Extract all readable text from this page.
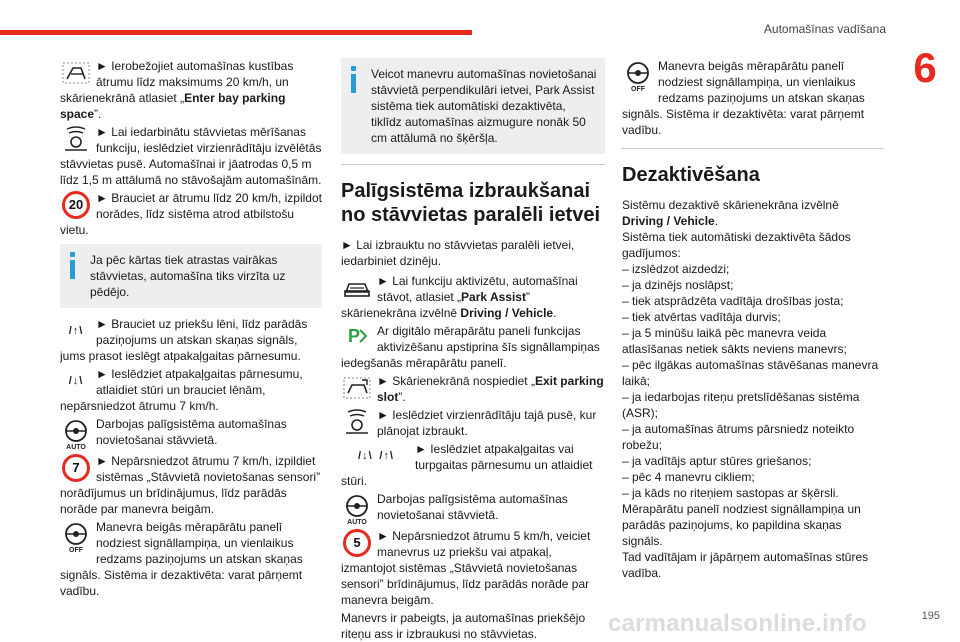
Automašīnas vadīšana
6

► Ierobežojiet automašīnas kustības ātrumu līdz maksimums 20 km/h, un skārienekrānā atlasiet „Enter bay parking space”.

► Lai iedarbinātu stāvvietas mērīšanas funkciju, ieslēdziet virzienrādītāju izvēlētās stāvvietas pusē. Automašīnai ir jāatrodas 0,5 m līdz 1,5 m attālumā no stāvošajām automašīnām.

20	► Brauciet ar ātrumu līdz 20 km/h, izpildot norādes, līdz sistēma atrod atbilstošu vietu.

Ja pēc kārtas tiek atrastas vairākas stāvvietas, automašīna tiks virzīta uz pēdējo.

/↑\	► Brauciet uz priekšu lēni, līdz parādās paziņojums un atskan skaņas signāls, jums prasot ieslēgt atpakaļgaitas pārnesumu.

/↓\	► Ieslēdziet atpakaļgaitas pārnesumu, atlaidiet stūri un brauciet lēnām, nepārsniedzot ātrumu 7 km/h.

AUTO

Darbojas palīgsistēma automašīnas novietošanai stāvvietā.

7	► Nepārsniedzot ātrumu 7 km/h, izpildiet sistēmas „Stāvvietā novietošanas sensori” norādījumus un brīdinājumus, līdz parādās norāde par manevra beigām.

OFF

Manevra beigās mērapārātu panelī nodziest signāllampiņa, un vienlaikus redzams paziņojums un atskan skaņas signāls. Sistēma ir dezaktivēta: varat pārņemt vadību.

Veicot manevru automašīnas novietošanai stāvvietā perpendikulāri ietvei, Park Assist sistēma tiek automātiski dezaktivēta, tiklīdz automašīnas aizmugure nonāk 50 cm attālumā no šķēršļa.

Palīgsistēma izbraukšanai no stāvvietas paralēli ietvei

► Lai izbrauktu no stāvvietas paralēli ietvei, iedarbiniet dzinēju.

► Lai funkciju aktivizētu, automašīnai stāvot, atlasiet „Park Assist” skārienekrāna izvēlnē Driving / Vehicle.

P	Ar digitālo mērapārātu paneli funkcijas aktivizēšanu apstiprina šīs signāllampiņas iedegšanās mērapārātu panelī.

► Skārienekrānā nospiediet „Exit parking slot”.

► Ieslēdziet virzienrādītāju tajā pusē, kur plānojat izbraukt.

/↓\
/↑\	► Ieslēdziet atpakaļgaitas vai turpgaitas pārnesumu un atlaidiet stūri.

AUTO

Darbojas palīgsistēma automašīnas novietošanai stāvvietā.

5	► Nepārsniedzot ātrumu 5 km/h, veiciet manevrus uz priekšu vai atpakaļ, izmantojot sistēmas „Stāvvietā novietošanas sensori” brīdinājumus, līdz parādās norāde par manevra beigām.

Manevrs ir pabeigts, ja automašīnas priekšējo riteņu ass ir izbraukusi no stāvvietas.

OFF

Manevra beigās mērapārātu panelī nodziest signāllampiņa, un vienlaikus redzams paziņojums un atskan skaņas signāls. Sistēma ir dezaktivēta: varat pārņemt vadību.

Dezaktivēšana

Sistēmu dezaktivē skārienekrāna izvēlnē
Driving / Vehicle.

Sistēma tiek automātiski dezaktivēta šādos gadījumos:

– izslēdzot aizdedzi;

– ja dzinējs noslāpst;

– tiek atsprādzēta vadītāja drošības josta;

– tiek atvērtas vadītāja durvis;

– ja 5 minūšu laikā pēc manevra veida atlasīšanas netiek sākts neviens manevrs;

– pēc ilgākas automašīnas stāvēšanas manevra laikā;

– ja iedarbojas riteņu pretslīdēšanas sistēma (ASR);

– ja automašīnas ātrums pārsniedz noteikto robežu;

– ja vadītājs aptur stūres griešanos;

– pēc 4 manevru cikliem;

– ja kāds no riteņiem sastopas ar šķērsli.

Mērapārātu panelī nodziest signāllampiņa un parādās paziņojums, ko papildina skaņas signāls.

Tad vadītājam ir jāpārņem automašīnas stūres vadība.

carmanualsonline.info	195
